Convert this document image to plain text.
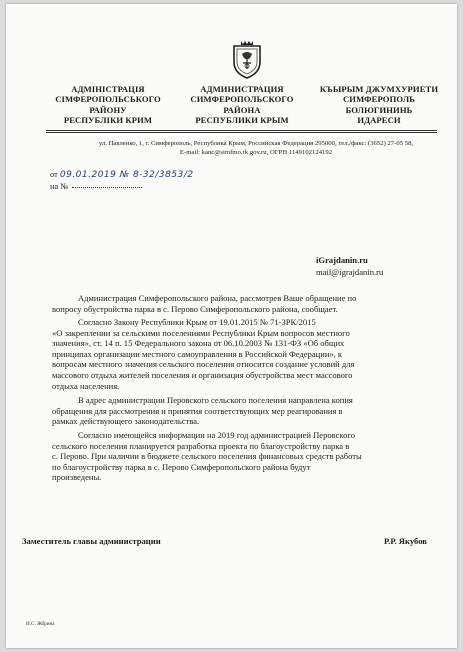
АДМІНІСТРАЦІЯ
СІМФЕРОПОЛЬСЬКОГО
РАЙОНУ
РЕСПУБЛІКИ КРИМ
АДМИНИСТРАЦИЯ
СИМФЕРОПОЛЬСКОГО
РАЙОНА
РЕСПУБЛИКИ КРЫМ
КЪЫРЫМ ДЖУМХУРИЕТИ
СИМФЕРОПОЛЬ
БОЛЮГИНИНЬ
ИДАРЕСИ
ул. Павленко, 1, г. Симферополь, Республика Крым, Российская Федерация 295000, тел./факс: (3652) 27-05 58,
E-mail: kanc@simfmo.rk.gov.ru, ОГРН 1149102124192
от 09.01.2019 № 8-32/3853/2
на №
iGrajdanin.ru
mail@igrajdanin.ru

Администрация Симферопольского района, рассмотрев Ваше обращение по

вопросу обустройства парка в с. Перово Симферопольского района, сообщает.

Согласно Закону Республики Крым от 19.01.2015 № 71-ЗРК/2015

«О закреплении за сельскими поселениями Республики Крым вопросов местного
значения», ст. 14 п. 15 Федерального закона от 06.10.2003 № 131-ФЗ «Об общих
принципах организации местного самоуправления в Российской Федерации», к
вопросам местного значения сельского поселения относится создание условий для
массового отдыха жителей поселения и организация обустройства мест массового
отдыха населения.

В адрес администрации Перовского сельского поселения направлена копия

обращения для рассмотрения и принятия соответствующих мер реагирования в
рамках действующего законодательства.

Согласно имеющейся информации на 2019 год администрацией Перовского

сельского поселения планируется разработка проекта по благоустройству парка в
с. Перово. При наличии в бюджете сельского поселения финансовых средств работы
по благоустройству парка в с. Перово Симферопольского района будут
произведены.
Заместитель главы администрации	Р.Р. Якубов
И.С. Жбрина
